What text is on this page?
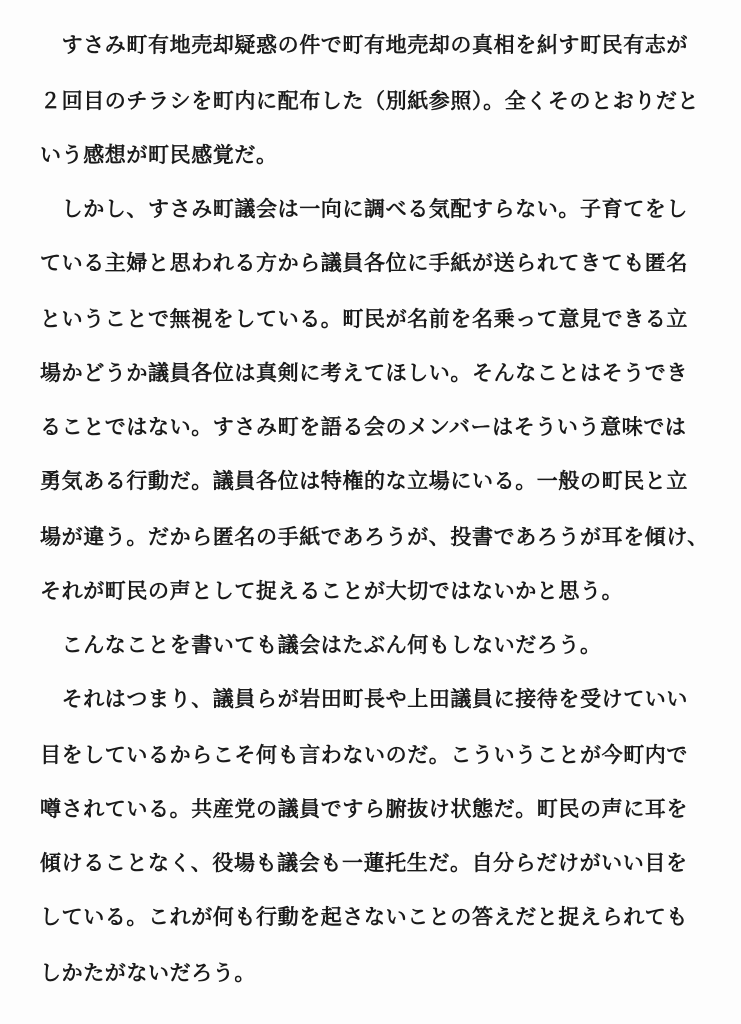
　すさみ町有地売却疑惑の件で町有地売却の真相を糾す町民有志が
２回目のチラシを町内に配布した（別紙参照）。全くそのとおりだと
いう感想が町民感覚だ。
　しかし、すさみ町議会は一向に調べる気配すらない。子育てをし
ている主婦と思われる方から議員各位に手紙が送られてきても匿名
ということで無視をしている。町民が名前を名乗って意見できる立
場かどうか議員各位は真剣に考えてほしい。そんなことはそうでき
ることではない。すさみ町を語る会のメンバーはそういう意味では
勇気ある行動だ。議員各位は特権的な立場にいる。一般の町民と立
場が違う。だから匿名の手紙であろうが、投書であろうが耳を傾け、
それが町民の声として捉えることが大切ではないかと思う。
　こんなことを書いても議会はたぶん何もしないだろう。
　それはつまり、議員らが岩田町長や上田議員に接待を受けていい
目をしているからこそ何も言わないのだ。こういうことが今町内で
噂されている。共産党の議員ですら腑抜け状態だ。町民の声に耳を
傾けることなく、役場も議会も一蓮托生だ。自分らだけがいい目を
している。これが何も行動を起さないことの答えだと捉えられても
しかたがないだろう。
